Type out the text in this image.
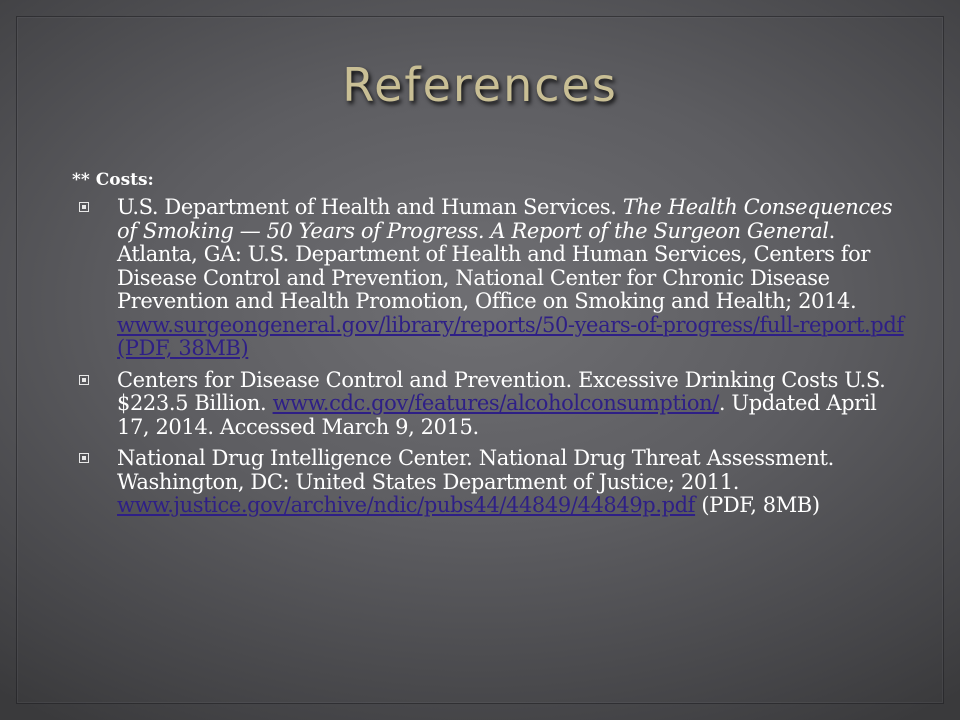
References
** Costs:
U.S. Department of Health and Human Services. The Health Consequences of Smoking — 50 Years of Progress. A Report of the Surgeon General. Atlanta, GA: U.S. Department of Health and Human Services, Centers for Disease Control and Prevention, National Center for Chronic Disease Prevention and Health Promotion, Office on Smoking and Health; 2014. www.surgeongeneral.gov/library/reports/50-years-of-progress/full-report.pdf (PDF, 38MB)
Centers for Disease Control and Prevention. Excessive Drinking Costs U.S. $223.5 Billion. www.cdc.gov/features/alcoholconsumption/. Updated April 17, 2014. Accessed March 9, 2015.
National Drug Intelligence Center. National Drug Threat Assessment. Washington, DC: United States Department of Justice; 2011. www.justice.gov/archive/ndic/pubs44/44849/44849p.pdf (PDF, 8MB)
